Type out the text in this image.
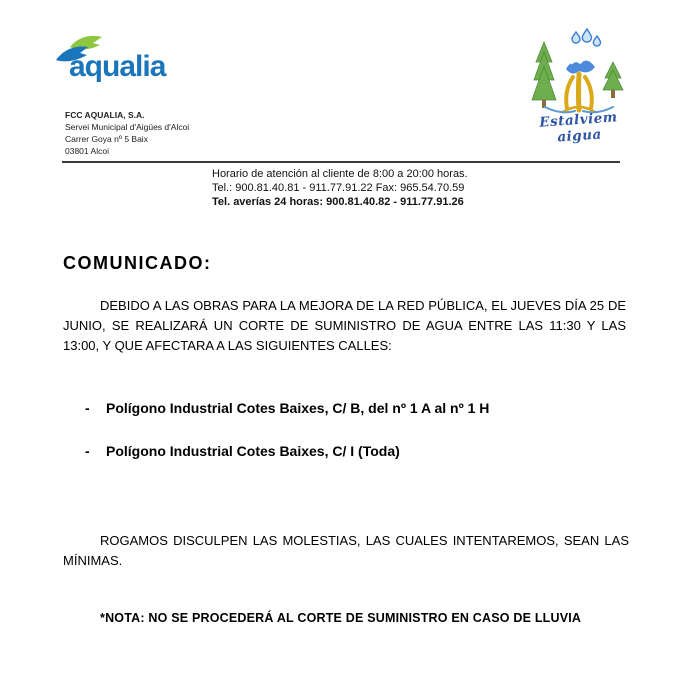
aqualia
Estalviem aigua
FCC AQUALIA, S.A.
Servei Municipal d'Aigües d'Alcoi
Carrer Goya nº 5 Baix
03801 Alcoi
Horario de atención al cliente de 8:00 a 20:00 horas.
Tel.: 900.81.40.81 - 911.77.91.22 Fax: 965.54.70.59
Tel. averías 24 horas: 900.81.40.82 - 911.77.91.26
COMUNICADO:
DEBIDO A LAS OBRAS PARA LA MEJORA DE LA RED PÚBLICA, EL JUEVES DÍA 25 DE JUNIO, SE REALIZARÁ UN CORTE DE SUMINISTRO DE AGUA ENTRE LAS 11:30 Y LAS 13:00, Y QUE AFECTARA A LAS SIGUIENTES CALLES:
-	Polígono Industrial Cotes Baixes, C/ B, del nº 1 A al nº 1 H
-	Polígono Industrial Cotes Baixes, C/ I (Toda)
ROGAMOS DISCULPEN LAS MOLESTIAS, LAS CUALES INTENTAREMOS, SEAN LAS MÍNIMAS.
*NOTA: NO SE PROCEDERÁ AL CORTE DE SUMINISTRO EN CASO DE LLUVIA
